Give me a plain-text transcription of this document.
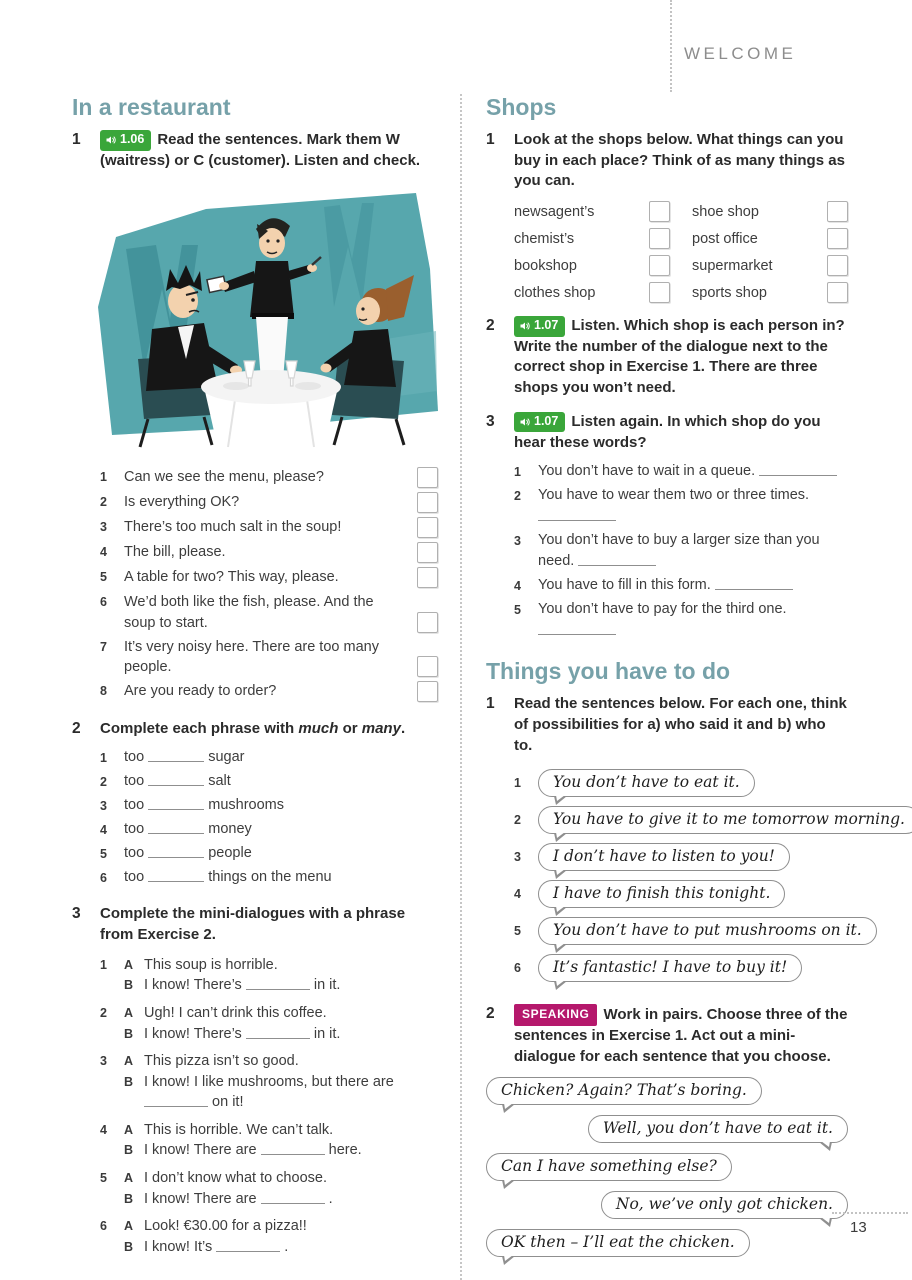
WELCOME
In a restaurant
1	1.06 Read the sentences. Mark them W (waitress) or C (customer). Listen and check.
1	Can we see the menu, please?
2	Is everything OK?
3	There’s too much salt in the soup!
4	The bill, please.
5	A table for two? This way, please.
6	We’d both like the fish, please. And the soup to start.
7	It’s very noisy here. There are too many people.
8	Are you ready to order?
2	Complete each phrase with much or many.
1	too	sugar
2	too	salt
3	too	mushrooms
4	too	money
5	too	people
6	too	things on the menu
3	Complete the mini-dialogues with a phrase from Exercise 2.
1	A This soup is horrible.
B I know! There’s	in it.
2	A Ugh! I can’t drink this coffee.
B I know! There’s	in it.
3	A This pizza isn’t so good.
B I know! I like mushrooms, but there are  on it!
4	A This is horrible. We can’t talk.
B I know! There are	here.
5	A I don’t know what to choose.
B I know! There are	.
6	A Look! €30.00 for a pizza!!
B I know! It’s	.
Shops
1	Look at the shops below. What things can you buy in each place? Think of as many things as you can.
newsagent’s	shoe shop
chemist’s	post office
bookshop	supermarket
clothes shop	sports shop
2	1.07 Listen. Which shop is each person in? Write the number of the dialogue next to the correct shop in Exercise 1. There are three shops you won’t need.
3	1.07 Listen again. In which shop do you hear these words?
1	You don’t have to wait in a queue.
2	You have to wear them two or three times.
3	You don’t have to buy a larger size than you need.
4	You have to fill in this form.
5	You don’t have to pay for the third one.
Things you have to do
1	Read the sentences below. For each one, think of possibilities for a) who said it and b) who to.
1	You don’t have to eat it.
2	You have to give it to me tomorrow morning.
3	I don’t have to listen to you!
4	I have to finish this tonight.
5	You don’t have to put mushrooms on it.
6	It’s fantastic! I have to buy it!
2	SPEAKING Work in pairs. Choose three of the sentences in Exercise 1. Act out a mini-dialogue for each sentence that you choose.
Chicken? Again? That’s boring.
Well, you don’t have to eat it.
Can I have something else?
No, we’ve only got chicken.
OK then – I’ll eat the chicken.
13
